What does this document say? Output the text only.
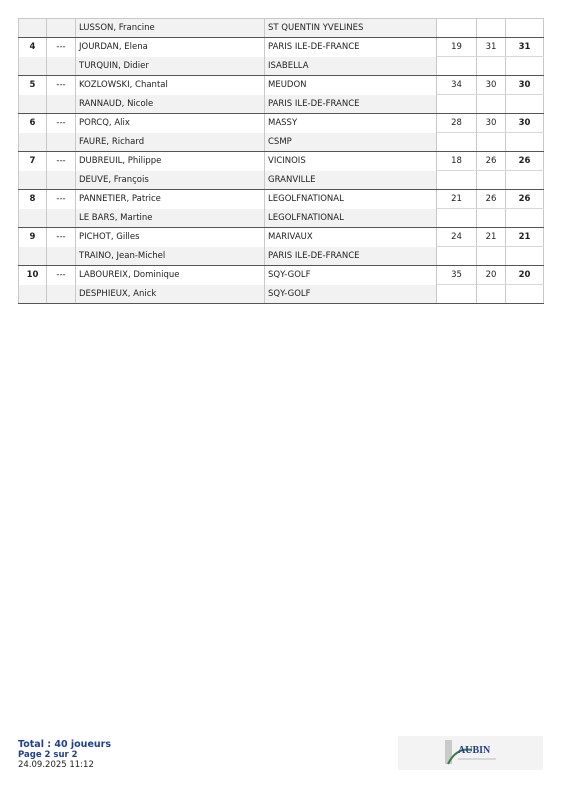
		LUSSON, Francine	ST QUENTIN YVELINES			
4	---	JOURDAN, Elena	PARIS ILE-DE-FRANCE	19	31	31
		TURQUIN, Didier	ISABELLA			
5	---	KOZLOWSKI, Chantal	MEUDON	34	30	30
		RANNAUD, Nicole	PARIS ILE-DE-FRANCE			
6	---	PORCQ, Alix	MASSY	28	30	30
		FAURE, Richard	CSMP			
7	---	DUBREUIL, Philippe	VICINOIS	18	26	26
		DEUVE, François	GRANVILLE			
8	---	PANNETIER, Patrice	LEGOLFNATIONAL	21	26	26
		LE BARS, Martine	LEGOLFNATIONAL			
9	---	PICHOT, Gilles	MARIVAUX	24	21	21
		TRAINO, Jean-Michel	PARIS ILE-DE-FRANCE			
10	---	LABOUREIX, Dominique	SQY-GOLF	35	20	20
		DESPHIEUX, Anick	SQY-GOLF			
Total : 40 joueurs
Page 2 sur 2
24.09.2025 11:12
AUBIN
